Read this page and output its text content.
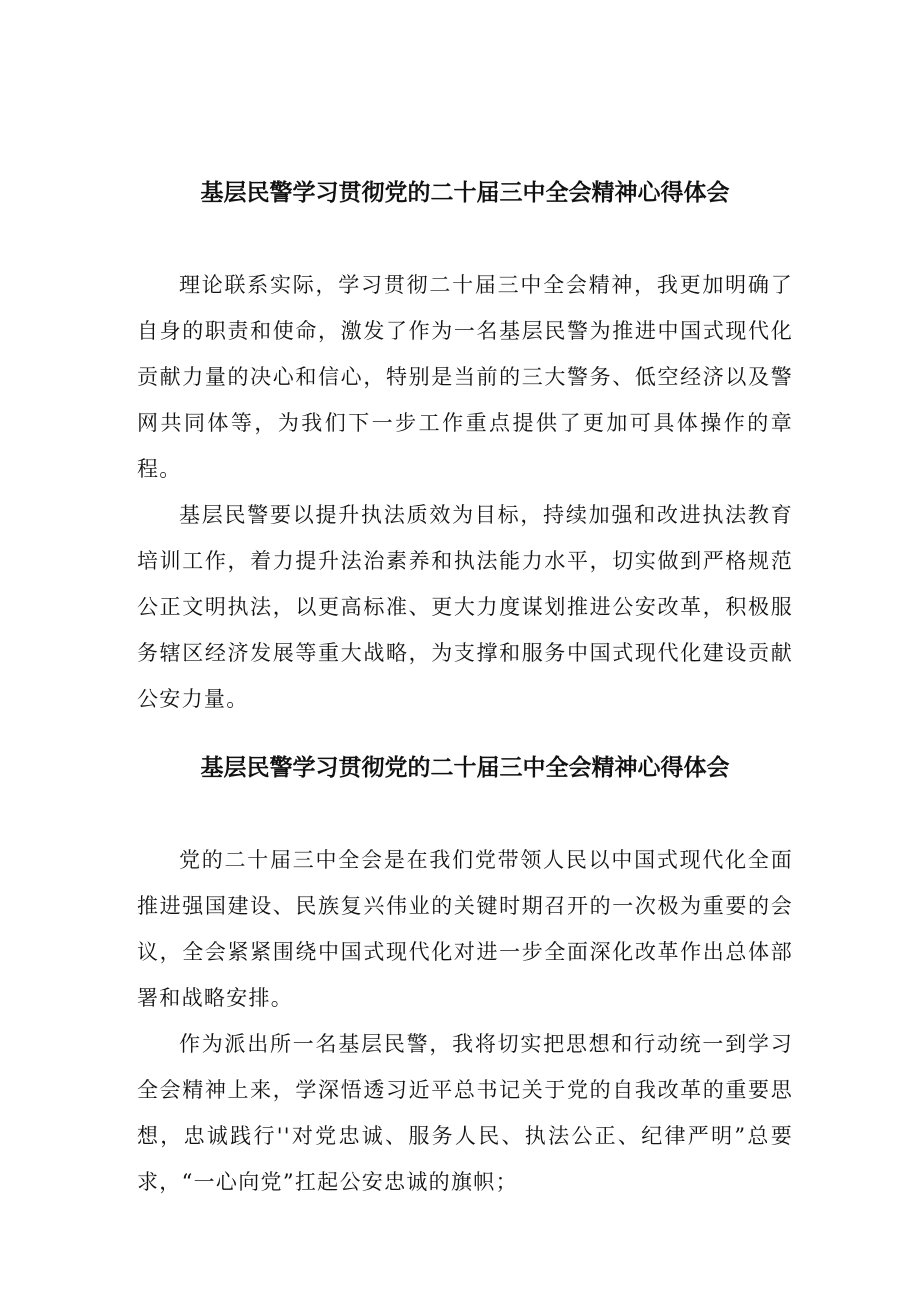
基层民警学习贯彻党的二十届三中全会精神心得体会

理论联系实际，学习贯彻二十届三中全会精神，我更加明确了自身的职责和使命，激发了作为一名基层民警为推进中国式现代化贡献力量的决心和信心，特别是当前的三大警务、低空经济以及警网共同体等，为我们下一步工作重点提供了更加可具体操作的章程。

基层民警要以提升执法质效为目标，持续加强和改进执法教育培训工作，着力提升法治素养和执法能力水平，切实做到严格规范公正文明执法，以更高标准、更大力度谋划推进公安改革，积极服务辖区经济发展等重大战略，为支撑和服务中国式现代化建设贡献公安力量。

基层民警学习贯彻党的二十届三中全会精神心得体会

党的二十届三中全会是在我们党带领人民以中国式现代化全面推进强国建设、民族复兴伟业的关键时期召开的一次极为重要的会议，全会紧紧围绕中国式现代化对进一步全面深化改革作出总体部署和战略安排。

作为派出所一名基层民警，我将切实把思想和行动统一到学习全会精神上来，学深悟透习近平总书记关于党的自我改革的重要思想，忠诚践行''对党忠诚、服务人民、执法公正、纪律严明”总要求，“一心向党”扛起公安忠诚的旗帜；
